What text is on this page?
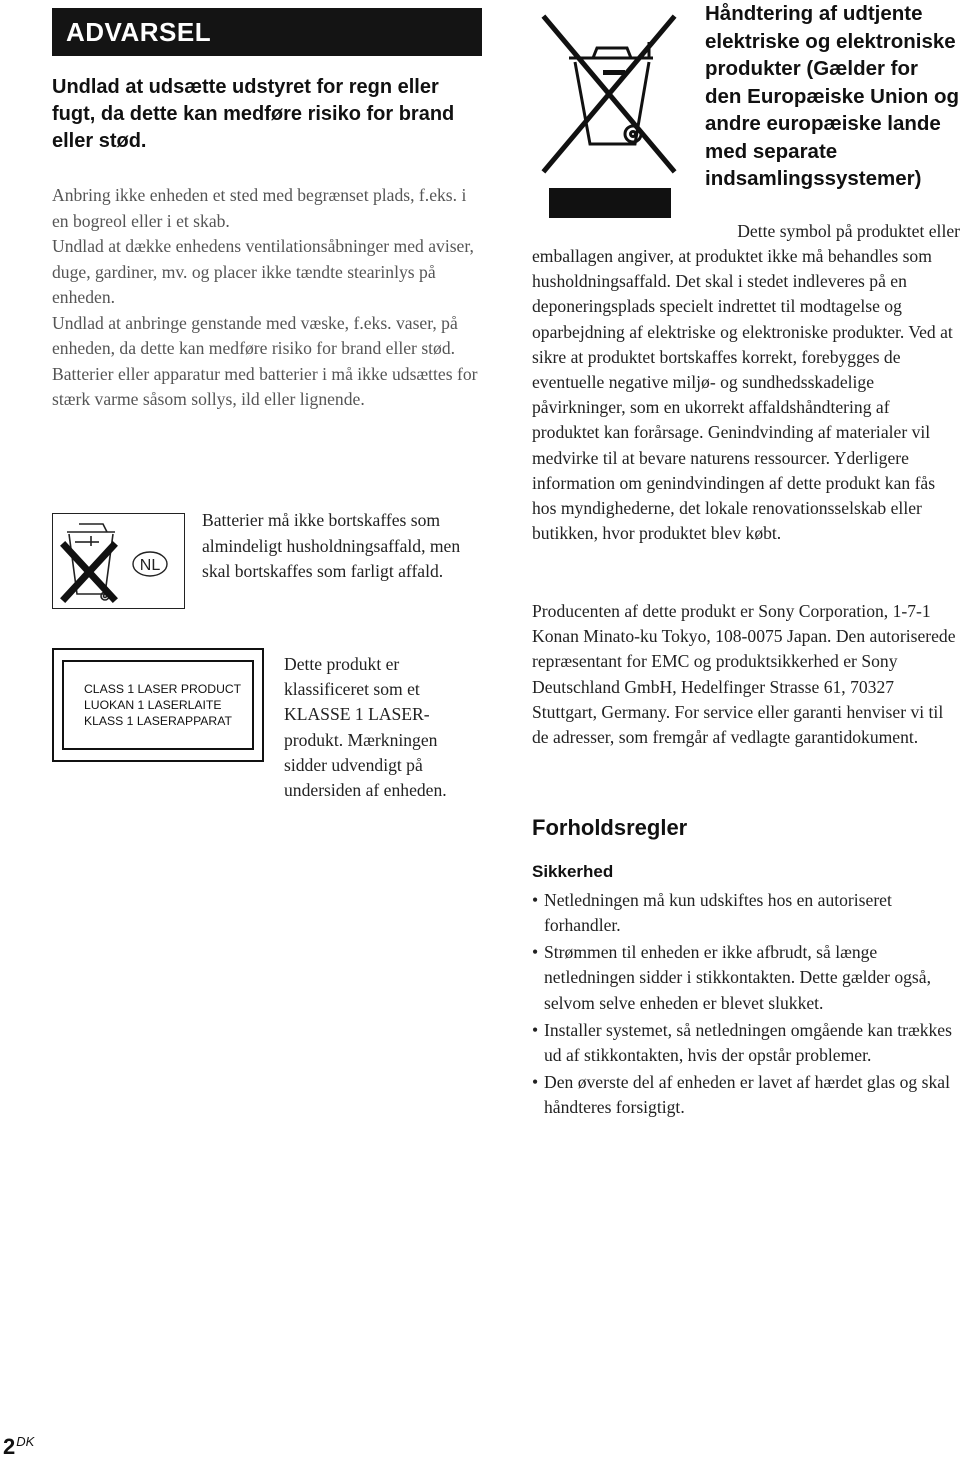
ADVARSEL

Undlad at udsætte udstyret for regn eller fugt, da dette kan medføre risiko for brand eller stød.

Anbring ikke enheden et sted med begrænset plads, f.eks. i en bogreol eller i et skab.

Undlad at dække enhedens ventilationsåbninger med aviser, duge, gardiner, mv. og placer ikke tændte stearinlys på enheden.

Undlad at anbringe genstande med væske, f.eks. vaser, på enheden, da dette kan medføre risiko for brand eller stød.

Batterier eller apparatur med batterier i må ikke udsættes for stærk varme såsom sollys, ild eller lignende.

NL
Batterier må ikke bortskaffes som almindeligt husholdningsaffald, men skal bortskaffes som farligt affald.
CLASS 1 LASER PRODUCT
LUOKAN 1 LASERLAITE
KLASS 1 LASERAPPARAT
Dette produkt er klassificeret som et KLASSE 1 LASER-produkt. Mærkningen sidder udvendigt på undersiden af enheden.
Håndtering af udtjente elektriske og elektroniske produkter (Gælder for den Europæiske Union og andre europæiske lande med separate indsamlingssystemer)
Dette symbol på produktet eller

emballagen angiver, at produktet ikke må behandles som husholdningsaffald. Det skal i stedet indleveres på en deponeringsplads specielt indrettet til modtagelse og oparbejdning af elektriske og elektroniske produkter. Ved at sikre at produktet bortskaffes korrekt, forebygges de eventuelle negative miljø- og sundhedsskadelige påvirkninger, som en ukorrekt affaldshåndtering af produktet kan forårsage. Genindvinding af materialer vil medvirke til at bevare naturens ressourcer. Yderligere information om genindvindingen af dette produkt kan fås hos myndighederne, det lokale renovationsselskab eller butikken, hvor produktet blev købt.

Producenten af dette produkt er Sony Corporation, 1-7-1 Konan Minato-ku Tokyo, 108-0075 Japan. Den autoriserede repræsentant for EMC og produktsikkerhed er Sony Deutschland GmbH, Hedelfinger Strasse 61, 70327 Stuttgart, Germany. For service eller garanti henviser vi til de adresser, som fremgår af vedlagte garantidokument.

Forholdsregler
Sikkerhed
• Netledningen må kun udskiftes hos en autoriseret forhandler.
• Strømmen til enheden er ikke afbrudt, så længe netledningen sidder i stikkontakten. Dette gælder også, selvom selve enheden er blevet slukket.
• Installer systemet, så netledningen omgående kan trækkes ud af stikkontakten, hvis der opstår problemer.
• Den øverste del af enheden er lavet af hærdet glas og skal håndteres forsigtigt.
$2^{DK}$
